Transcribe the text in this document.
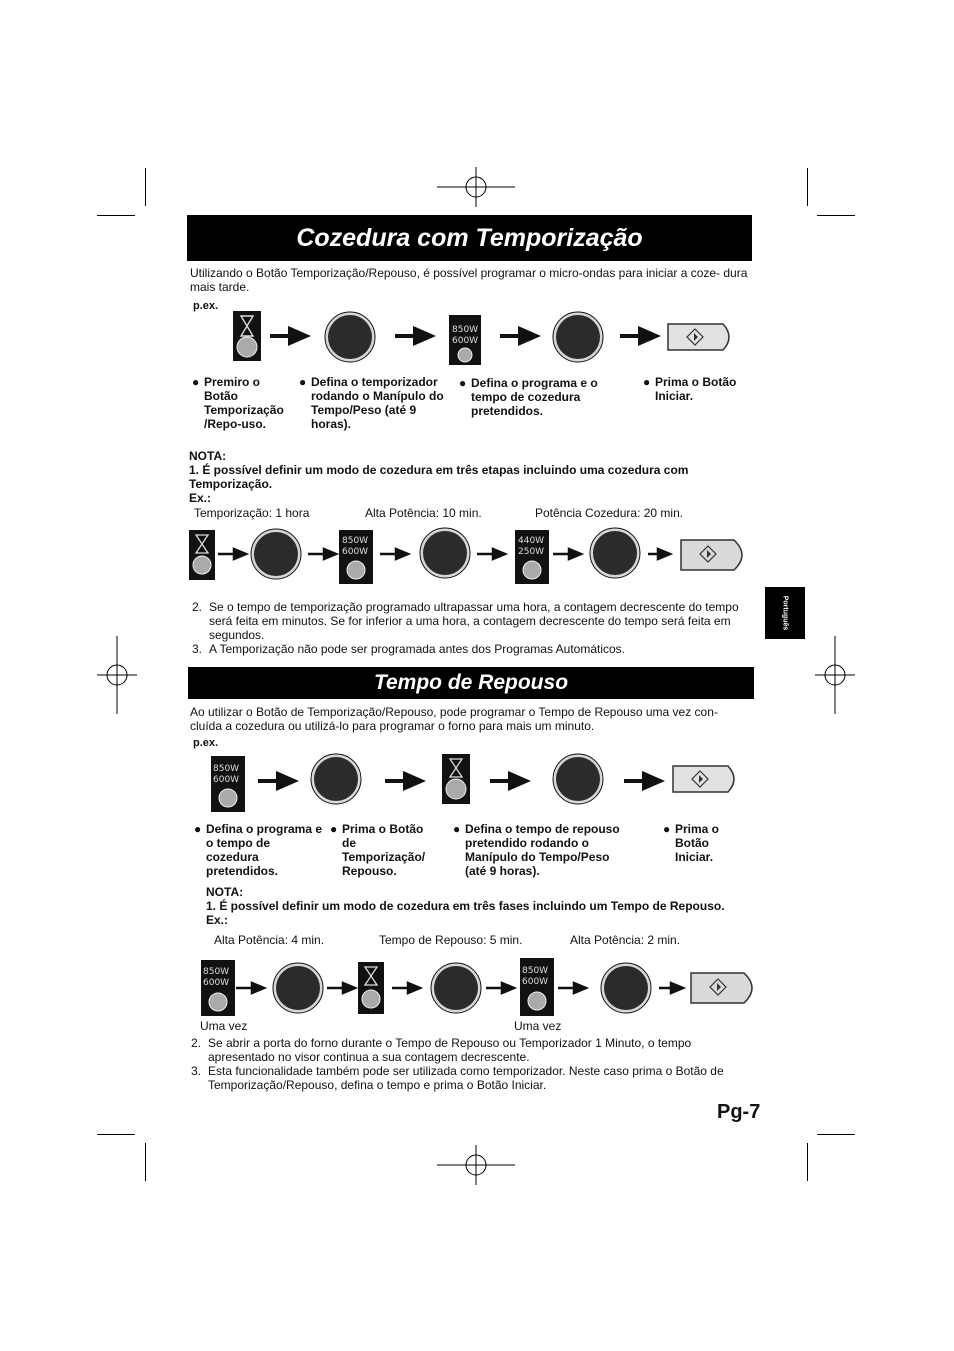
Português
Cozedura com Temporização
Utilizando o Botão Temporização/Repouso, é possível programar o micro-ondas para iniciar a coze- dura mais tarde.
p.ex.
850W
600W
● Premiro o Botão Temporização /Repo-uso.
● Defina o temporizador rodando o Manípulo do Tempo/Peso (até 9 horas).
● Defina o programa e o tempo de cozedura pretendidos.
● Prima o Botão Iniciar.
NOTA:
1. É possível definir um modo de cozedura em três etapas incluindo uma cozedura com Temporização.
Ex.:
Temporização: 1 hora	Alta Potência: 10 min.	Potência Cozedura: 20 min.
850W
600W
440W
250W
2. Se o tempo de temporização programado ultrapassar uma hora, a contagem decrescente do tempo será feita em minutos. Se for inferior a uma hora, a contagem decrescente do tempo será feita em segundos.
3. A Temporização não pode ser programada antes dos Programas Automáticos.
Tempo de Repouso
Ao utilizar o Botão de Temporização/Repouso, pode programar o Tempo de Repouso uma vez con- cluída a cozedura ou utilizá-lo para programar o forno para mais um minuto.
p.ex.
850W
600W
● Defina o programa e o tempo de cozedura pretendidos.
● Prima o Botão de Temporização/ Repouso.
● Defina o tempo de repouso pretendido rodando o Manípulo do Tempo/Peso (até 9 horas).
● Prima o Botão Iniciar.
NOTA:
1. É possível definir um modo de cozedura em três fases incluindo um Tempo de Repouso.
Ex.:
Alta Potência: 4 min.	Tempo de Repouso: 5 min.	Alta Potência: 2 min.
850W
600W
850W
600W
Uma vez	Uma vez
2. Se abrir a porta do forno durante o Tempo de Repouso ou Temporizador 1 Minuto, o tempo apresentado no visor continua a sua contagem decrescente.
3. Esta funcionalidade também pode ser utilizada como temporizador. Neste caso prima o Botão de Temporização/Repouso, defina o tempo e prima o Botão Iniciar.
Pg-7
